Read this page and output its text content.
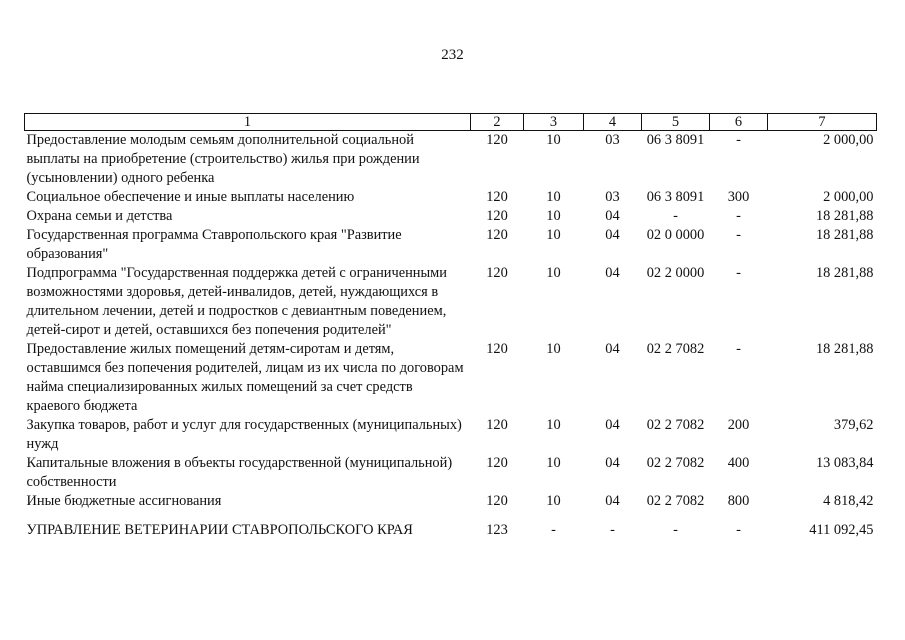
232
1	2	3	4	5	6	7
Предоставление молодым семьям дополнительной социальной выплаты на приобретение (строительство) жилья при рождении (усыновлении) одного ребенка	120	10	03	06 3 8091	-	2 000,00
Социальное обеспечение и иные выплаты населению	120	10	03	06 3 8091	300	2 000,00
Охрана семьи и детства	120	10	04	-	-	18 281,88
Государственная программа Ставропольского края "Развитие образования"	120	10	04	02 0 0000	-	18 281,88
Подпрограмма "Государственная поддержка детей с ограниченными возможностями здоровья, детей-инвалидов, детей, нуждающихся в длительном лечении, детей и подростков с девиантным поведением, детей-сирот и детей, оставшихся без попечения родителей"	120	10	04	02 2 0000	-	18 281,88
Предоставление жилых помещений детям-сиротам и детям, оставшимся без попечения родителей, лицам из их числа по договорам найма специализированных жилых помещений за счет средств краевого бюджета	120	10	04	02 2 7082	-	18 281,88
Закупка товаров, работ и услуг для государственных (муниципальных) нужд	120	10	04	02 2 7082	200	379,62
Капитальные вложения в объекты государственной (муниципальной) собственности	120	10	04	02 2 7082	400	13 083,84
Иные бюджетные ассигнования	120	10	04	02 2 7082	800	4 818,42
УПРАВЛЕНИЕ ВЕТЕРИНАРИИ СТАВРОПОЛЬСКОГО КРАЯ	123	-	-	-	-	411 092,45
